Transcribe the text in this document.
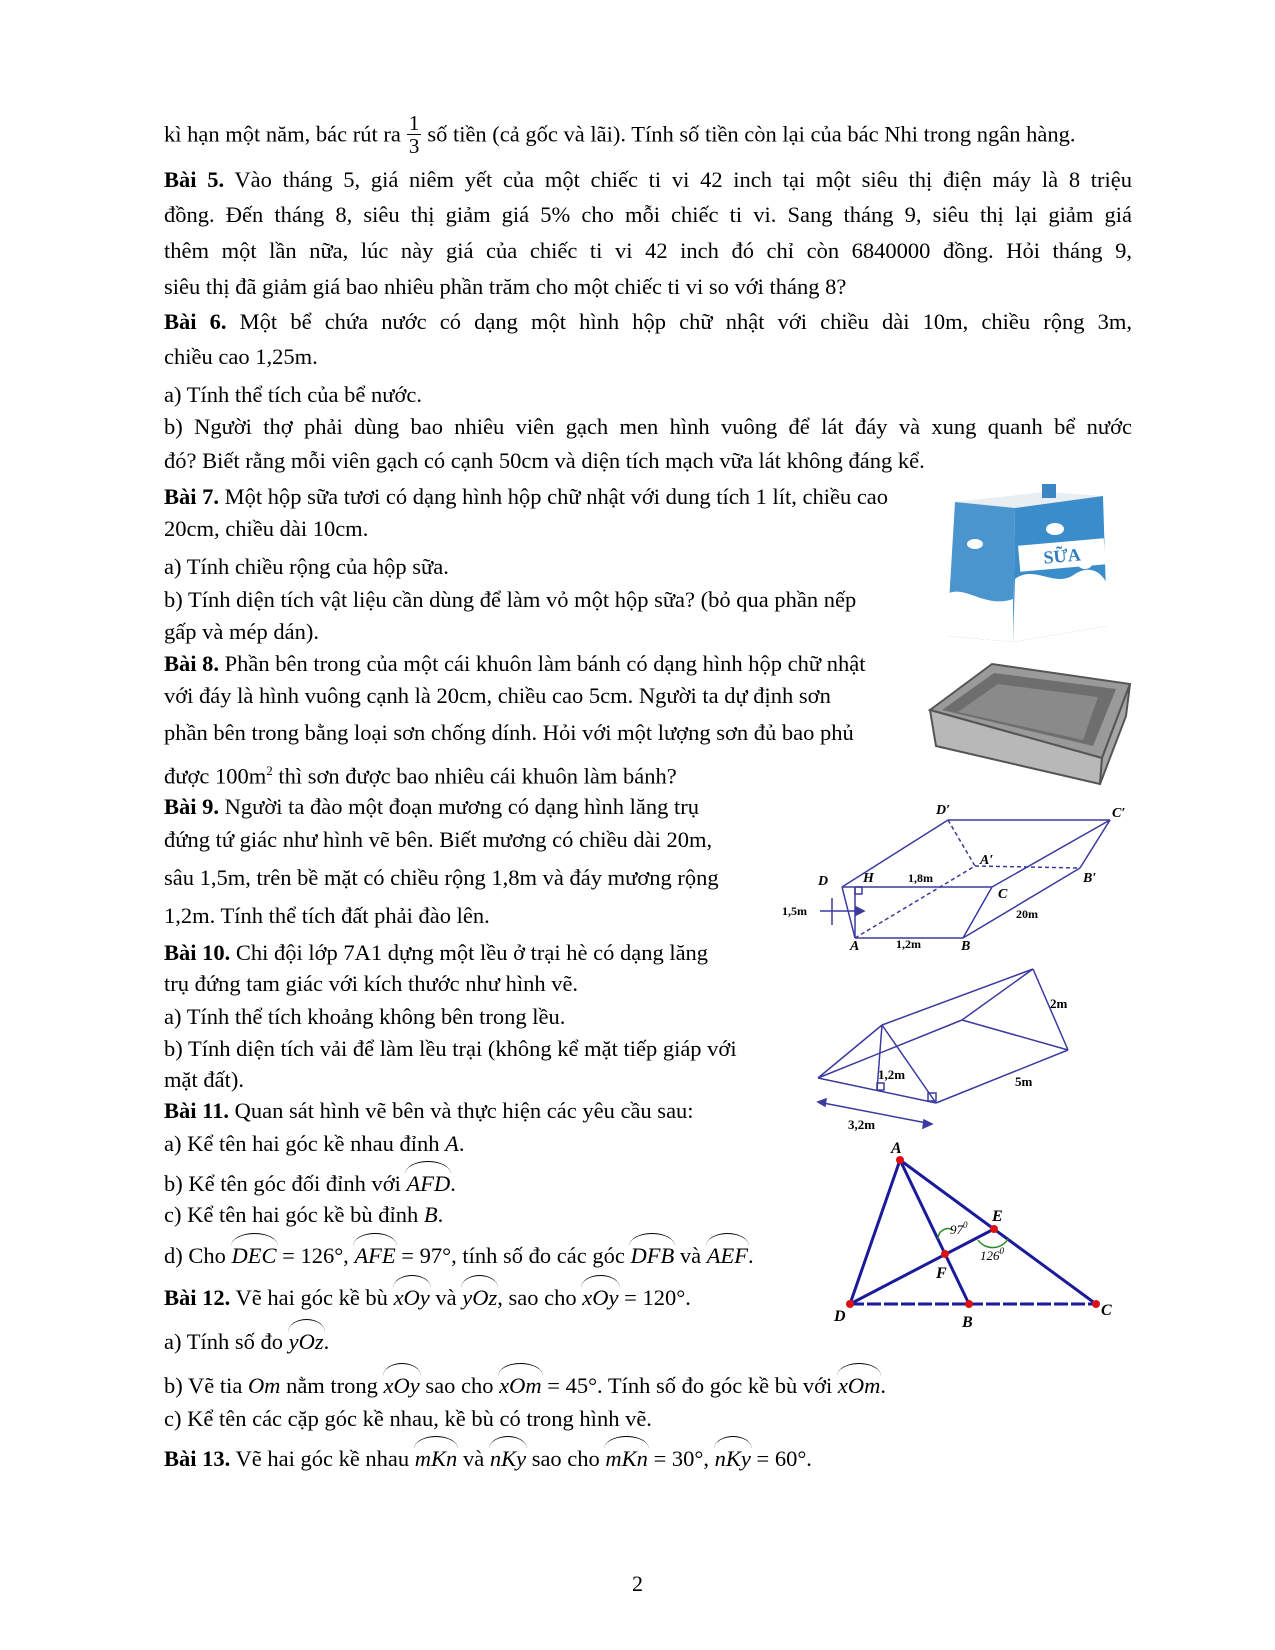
kì hạn một năm, bác rút ra $\frac{1}{3}$ số tiền (cả gốc và lãi). Tính số tiền còn lại của bác Nhi trong ngân hàng.
Bài 5. Vào tháng 5, giá niêm yết của một chiếc ti vi 42 inch tại một siêu thị điện máy là 8 triệu
đồng. Đến tháng 8, siêu thị giảm giá 5% cho mỗi chiếc ti vi. Sang tháng 9, siêu thị lại giảm giá
thêm một lần nữa, lúc này giá của chiếc ti vi 42 inch đó chỉ còn 6840000 đồng. Hỏi tháng 9,
siêu thị đã giảm giá bao nhiêu phần trăm cho một chiếc ti vi so với tháng 8?
Bài 6. Một bể chứa nước có dạng một hình hộp chữ nhật với chiều dài 10m, chiều rộng 3m,
chiều cao 1,25m.
a) Tính thể tích của bể nước.
b) Người thợ phải dùng bao nhiêu viên gạch men hình vuông để lát đáy và xung quanh bể nước
đó? Biết rằng mỗi viên gạch có cạnh 50cm và diện tích mạch vữa lát không đáng kể.
Bài 7. Một hộp sữa tươi có dạng hình hộp chữ nhật với dung tích 1 lít, chiều cao
20cm, chiều dài 10cm.
a) Tính chiều rộng của hộp sữa.
b) Tính diện tích vật liệu cần dùng để làm vỏ một hộp sữa? (bỏ qua phần nếp
gấp và mép dán).
Bài 8. Phần bên trong của một cái khuôn làm bánh có dạng hình hộp chữ nhật
với đáy là hình vuông cạnh là 20cm, chiều cao 5cm. Người ta dự định sơn
phần bên trong bằng loại sơn chống dính. Hỏi với một lượng sơn đủ bao phủ
được $100m^2$ thì sơn được bao nhiêu cái khuôn làm bánh?
Bài 9. Người ta đào một đoạn mương có dạng hình lăng trụ
đứng tứ giác như hình vẽ bên. Biết mương có chiều dài 20m,
sâu 1,5m, trên bề mặt có chiều rộng 1,8m và đáy mương rộng
1,2m. Tính thể tích đất phải đào lên.
Bài 10. Chi đội lớp 7A1 dựng một lều ở trại hè có dạng lăng
trụ đứng tam giác với kích thước như hình vẽ.
a) Tính thể tích khoảng không bên trong lều.
b) Tính diện tích vải để làm lều trại (không kể mặt tiếp giáp với
mặt đất).
Bài 11. Quan sát hình vẽ bên và thực hiện các yêu cầu sau:
a) Kể tên hai góc kề nhau đỉnh A.
b) Kể tên góc đối đỉnh với AFD.
c) Kể tên hai góc kề bù đỉnh B.
d) Cho DEC = 126°, AFE = 97°, tính số đo các góc DFB và AEF.
Bài 12. Vẽ hai góc kề bù xOy và yOz, sao cho xOy = 120°.
a) Tính số đo yOz.
b) Vẽ tia Om nằm trong xOy sao cho xOm = 45°. Tính số đo góc kề bù với xOm.
c) Kể tên các cặp góc kề nhau, kề bù có trong hình vẽ.
Bài 13. Vẽ hai góc kề nhau mKn và nKy sao cho mKn = 30°, nKy = 60°.
2
SỮA
D′	C′
A′
B′
D H
C
A	B
1,8m
1,5m	20m
1,2m
1,2m	5m
2m
3,2m
A
E
F
D	B
C
$97^0$
$126^0$
